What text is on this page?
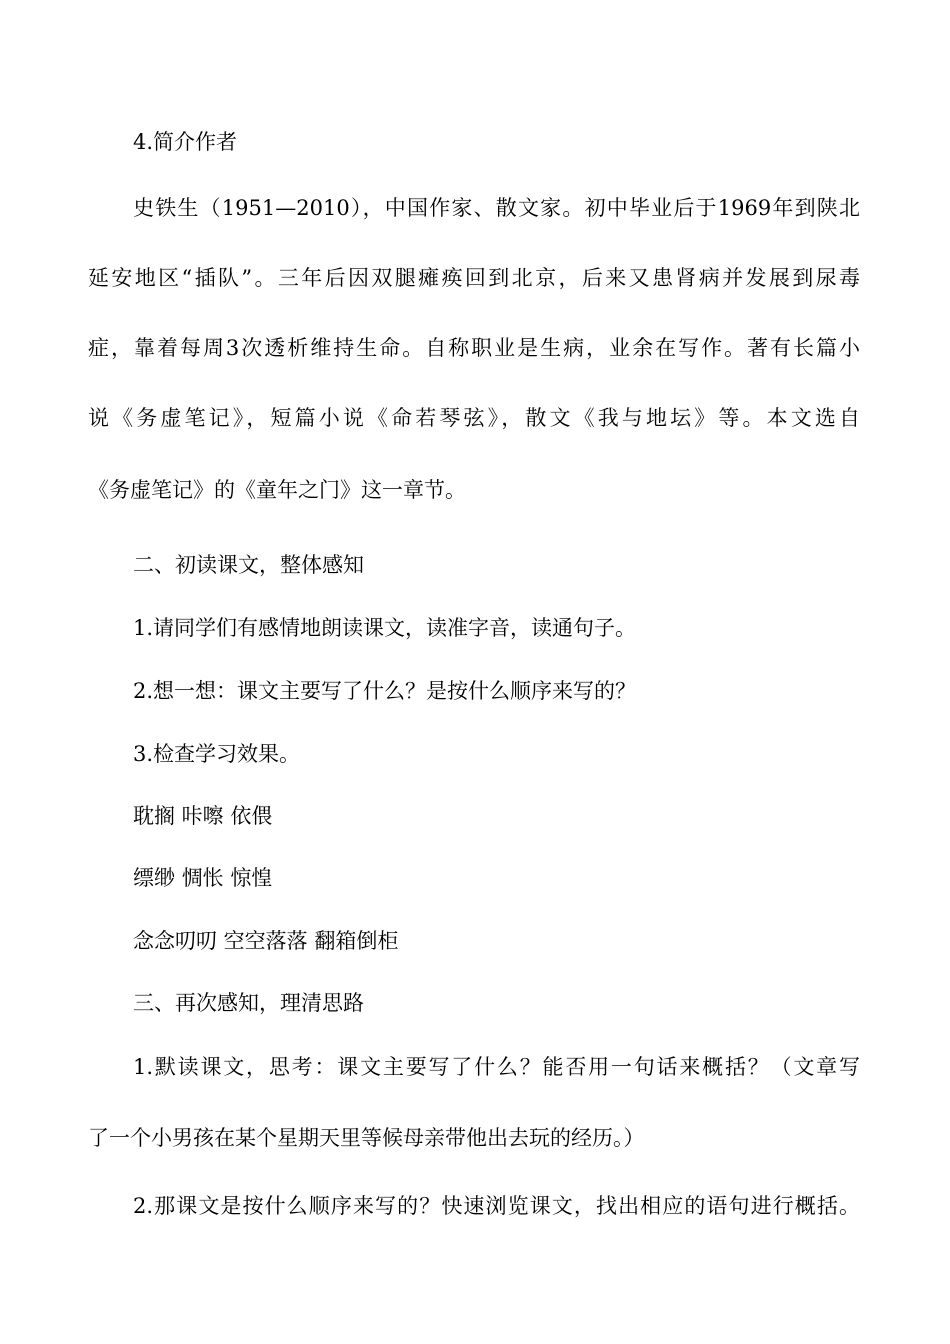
4.简介作者
史铁生（1951—2010），中国作家、散文家。初中毕业后于1969年到陕北
延安地区“插队”。三年后因双腿瘫痪回到北京，后来又患肾病并发展到尿毒
症，靠着每周3次透析维持生命。自称职业是生病，业余在写作。著有长篇小
说《务虚笔记》，短篇小说《命若琴弦》，散文《我与地坛》等。本文选自
《务虚笔记》的《童年之门》这一章节。
二、初读课文，整体感知
1.请同学们有感情地朗读课文，读准字音，读通句子。
2.想一想：课文主要写了什么？是按什么顺序来写的？
3.检查学习效果。
耽搁 咔嚓 依偎
缥缈 惆怅 惊惶
念念叨叨 空空落落 翻箱倒柜
三、再次感知，理清思路
1.默读课文，思考：课文主要写了什么？能否用一句话来概括？（文章写
了一个小男孩在某个星期天里等候母亲带他出去玩的经历。）
2.那课文是按什么顺序来写的？快速浏览课文，找出相应的语句进行概括。
